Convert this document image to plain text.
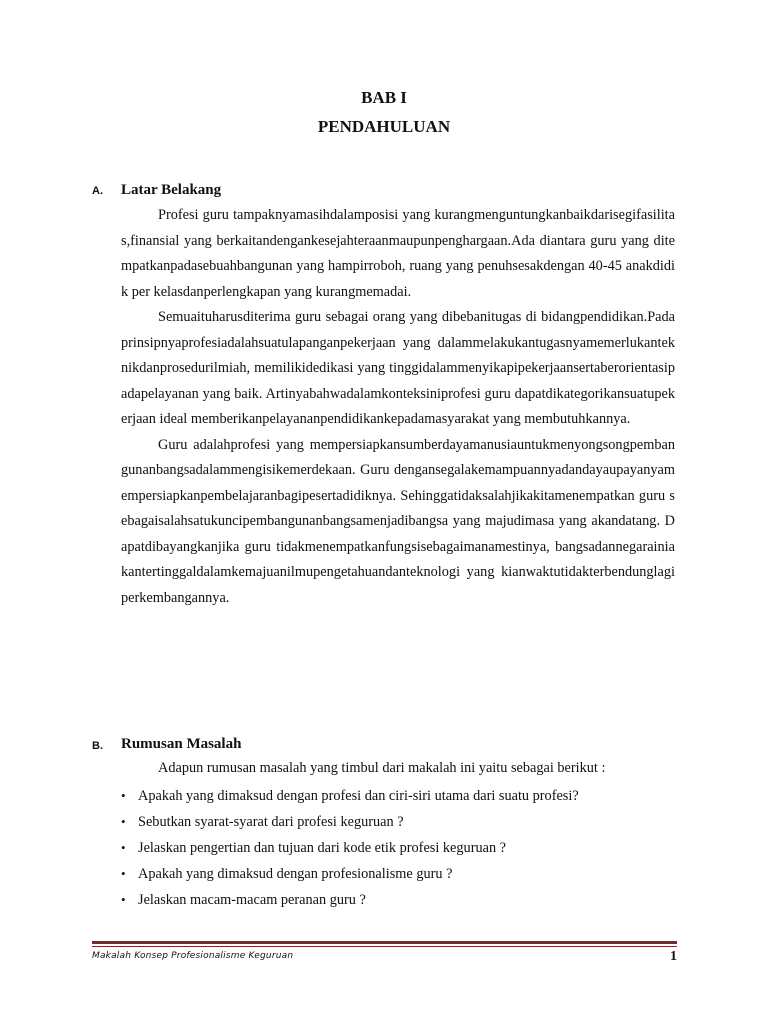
BAB I
PENDAHULUAN
A. Latar Belakang

Profesi guru tampaknyamasihdalamposisi yang kurangmenguntungkanbaikdarisegifasilitas,finansial yang berkaitandengankesejahteraanmaupunpenghargaan.Ada diantara guru yang ditempatkanpadasebuahbangunan yang hampirroboh, ruang yang penuhsesakdengan 40-45 anakdidik per kelasdanperlengkapan yang kurangmemadai.

Semuaituharusditerima guru sebagai orang yang dibebanitugas di bidangpendidikan.Padaprinsipnyaprofesiadalahsuatulapanganpekerjaan yang dalammelakukantugasnyamemerlukanteknikdanprosedurilmiah, memilikidedikasi yang tinggidalammenyikapipekerjaansertaberorientasipadapelayanan yang baik. Artinyabahwadalamkonteksiniprofesi guru dapatdikategorikansuatupekerjaan ideal memberikanpelayananpendidikankepadamasyarakat yang membutuhkannya.

Guru adalahprofesi yang mempersiapkansumberdayamanusiauntukmenyongsongpembangunanbangsadalammengisikemerdekaan. Guru dengansegalakemampuannyadandayaupayanyamempersiapkanpembelajaranbagipesertadidiknya. Sehinggatidaksalahjikakitamenempatkan guru sebagaisalahsatukuncipembangunanbangsamenjadibangsa yang majudimasa yang akandatang. Dapatdibayangkanjika guru tidakmenempatkanfungsisebagaimanamestinya, bangsadannegarainiakantertinggaldalamkemajuanilmupengetahuandanteknologi yang kianwaktutidakterbendunglagiperkembangannya.

B. Rumusan Masalah
Adapun rumusan masalah yang timbul dari makalah ini yaitu sebagai berikut :
• Apakah yang dimaksud dengan profesi dan ciri-siri utama dari suatu profesi?
• Sebutkan syarat-syarat dari profesi keguruan ?
• Jelaskan pengertian dan tujuan dari kode etik profesi keguruan ?
• Apakah yang dimaksud dengan profesionalisme guru ?
• Jelaskan macam-macam peranan guru ?
Makalah Konsep Profesionalisme Keguruan	1
